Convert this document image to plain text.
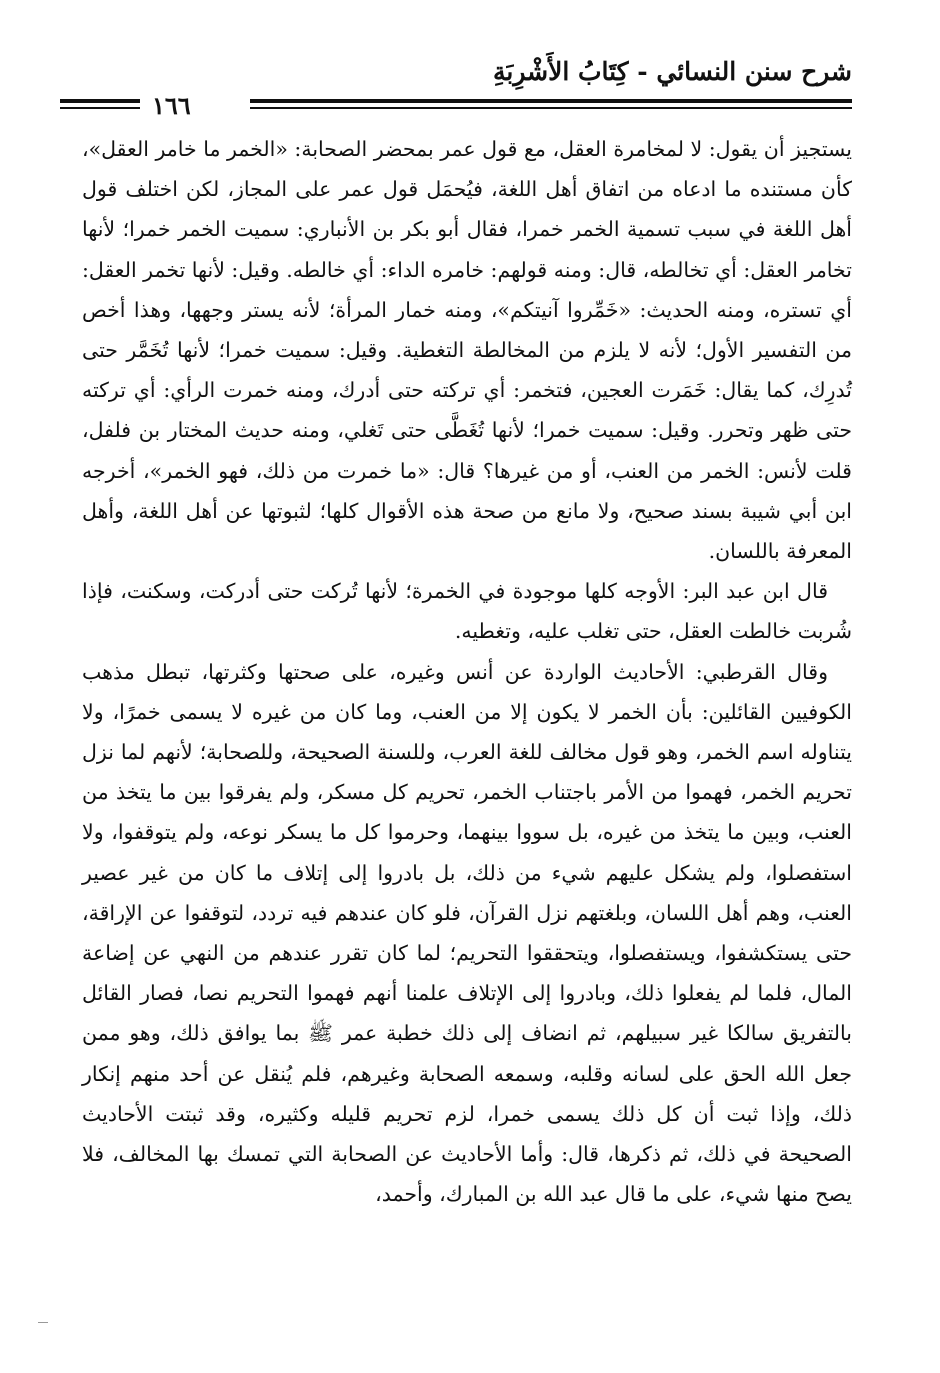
شرح سنن النسائي - كِتَابُ الأَشْرِبَةِ
١٦٦

يستجيز أن يقول: لا لمخامرة العقل، مع قول عمر بمحضر الصحابة: «الخمر ما خامر العقل»، كأن مستنده ما ادعاه من اتفاق أهل اللغة، فيُحمَل قول عمر على المجاز، لكن اختلف قول أهل اللغة في سبب تسمية الخمر خمرا، فقال أبو بكر بن الأنباري: سميت الخمر خمرا؛ لأنها تخامر العقل: أي تخالطه، قال: ومنه قولهم: خامره الداء: أي خالطه. وقيل: لأنها تخمر العقل: أي تستره، ومنه الحديث: «خَمِّروا آنيتكم»، ومنه خمار المرأة؛ لأنه يستر وجهها، وهذا أخص من التفسير الأول؛ لأنه لا يلزم من المخالطة التغطية. وقيل: سميت خمرا؛ لأنها تُخَمَّر حتى تُدرِك، كما يقال: خَمَرت العجين، فتخمر: أي تركته حتى أدرك، ومنه خمرت الرأي: أي تركته حتى ظهر وتحرر. وقيل: سميت خمرا؛ لأنها تُغَطَّى حتى تَغلي، ومنه حديث المختار بن فلفل، قلت لأنس: الخمر من العنب، أو من غيرها؟ قال: «ما خمرت من ذلك، فهو الخمر»، أخرجه ابن أبي شيبة بسند صحيح، ولا مانع من صحة هذه الأقوال كلها؛ لثبوتها عن أهل اللغة، وأهل المعرفة باللسان.

قال ابن عبد البر: الأوجه كلها موجودة في الخمرة؛ لأنها تُركت حتى أدركت، وسكنت، فإذا شُربت خالطت العقل، حتى تغلب عليه، وتغطيه.

وقال القرطبي: الأحاديث الواردة عن أنس وغيره، على صحتها وكثرتها، تبطل مذهب الكوفيين القائلين: بأن الخمر لا يكون إلا من العنب، وما كان من غيره لا يسمى خمرًا، ولا يتناوله اسم الخمر، وهو قول مخالف للغة العرب، وللسنة الصحيحة، وللصحابة؛ لأنهم لما نزل تحريم الخمر، فهموا من الأمر باجتناب الخمر، تحريم كل مسكر، ولم يفرقوا بين ما يتخذ من العنب، وبين ما يتخذ من غيره، بل سووا بينهما، وحرموا كل ما يسكر نوعه، ولم يتوقفوا، ولا استفصلوا، ولم يشكل عليهم شيء من ذلك، بل بادروا إلى إتلاف ما كان من غير عصير العنب، وهم أهل اللسان، وبلغتهم نزل القرآن، فلو كان عندهم فيه تردد، لتوقفوا عن الإراقة، حتى يستكشفوا، ويستفصلوا، ويتحققوا التحريم؛ لما كان تقرر عندهم من النهي عن إضاعة المال، فلما لم يفعلوا ذلك، وبادروا إلى الإتلاف علمنا أنهم فهموا التحريم نصا، فصار القائل بالتفريق سالكا غير سبيلهم، ثم انضاف إلى ذلك خطبة عمر ﷺ بما يوافق ذلك، وهو ممن جعل الله الحق على لسانه وقلبه، وسمعه الصحابة وغيرهم، فلم يُنقل عن أحد منهم إنكار ذلك، وإذا ثبت أن كل ذلك يسمى خمرا، لزم تحريم قليله وكثيره، وقد ثبتت الأحاديث الصحيحة في ذلك، ثم ذكرها، قال: وأما الأحاديث عن الصحابة التي تمسك بها المخالف، فلا يصح منها شيء، على ما قال عبد الله بن المبارك، وأحمد،
